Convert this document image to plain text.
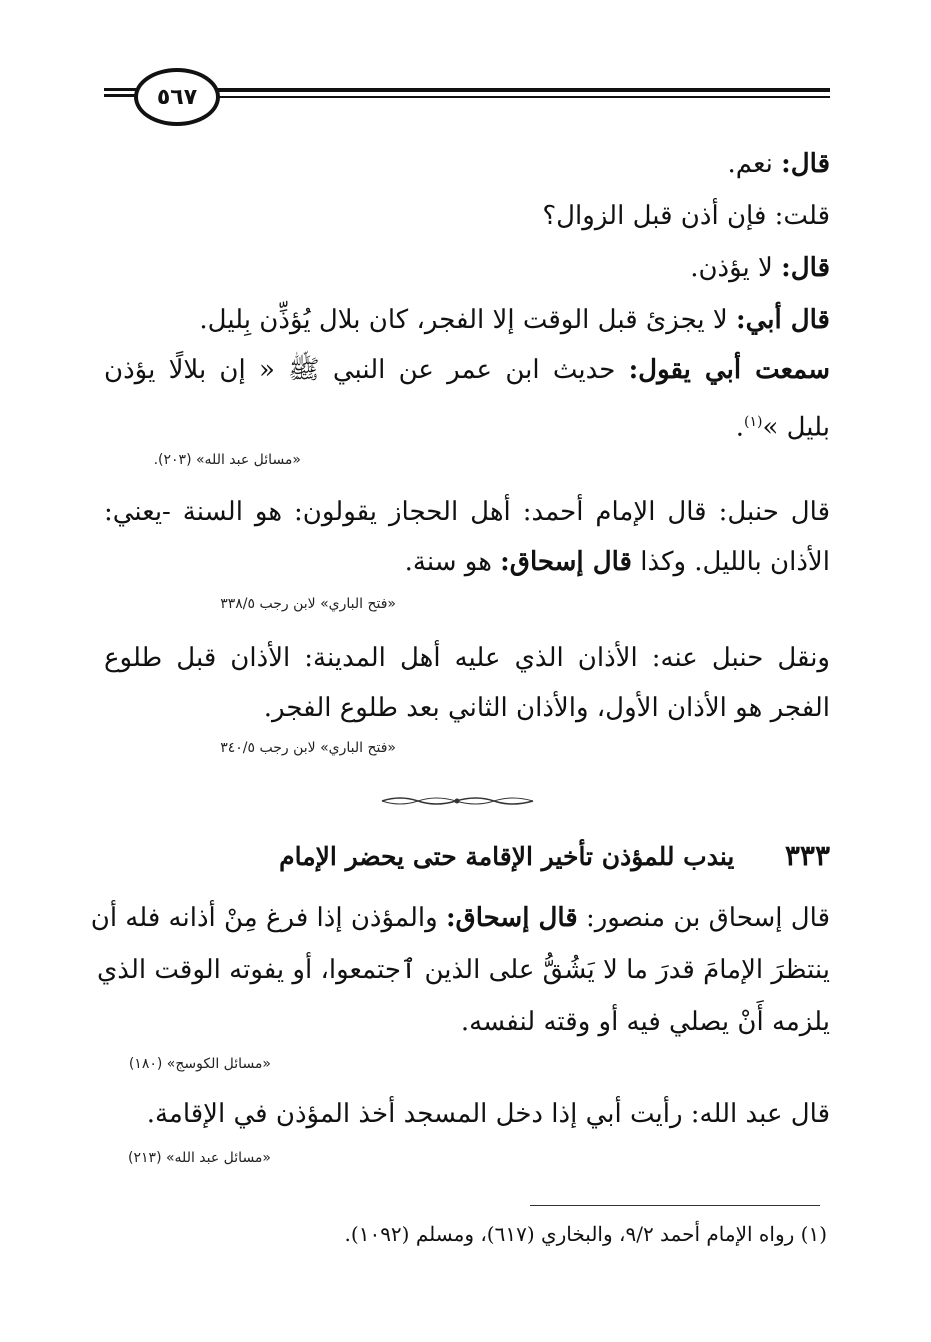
٥٦٧
قال: نعم.
قلت: فإن أذن قبل الزوال؟
قال: لا يؤذن.
قال أبي: لا يجزئ قبل الوقت إلا الفجر، كان بلال يُؤذِّن بِليل.
سمعت أبي يقول: حديث ابن عمر عن النبي ﷺ « إن بلالًا يؤذن
بليل »$^{(١)}$.
«مسائل عبد الله» (٢٠٣).
قال حنبل: قال الإمام أحمد: أهل الحجاز يقولون: هو السنة -يعني:
الأذان بالليل. وكذا قال إسحاق: هو سنة.
«فتح الباري» لابن رجب ٣٣٨/٥
ونقل حنبل عنه: الأذان الذي عليه أهل المدينة: الأذان قبل طلوع
الفجر هو الأذان الأول، والأذان الثاني بعد طلوع الفجر.
«فتح الباري» لابن رجب ٣٤٠/٥
٣٣٣  يندب للمؤذن تأخير الإقامة حتى يحضر الإمام
قال إسحاق بن منصور: قال إسحاق: والمؤذن إذا فرغ مِنْ أذانه فله أن
ينتظرَ الإمامَ قدرَ ما لا يَشُقُّ على الذين ٱجتمعوا، أو يفوته الوقت الذي
يلزمه أَنْ يصلي فيه أو وقته لنفسه.
«مسائل الكوسج» (١٨٠)
قال عبد الله: رأيت أبي إذا دخل المسجد أخذ المؤذن في الإقامة.
«مسائل عبد الله» (٢١٣)
(١) رواه الإمام أحمد ٩/٢، والبخاري (٦١٧)، ومسلم (١٠٩٢).
